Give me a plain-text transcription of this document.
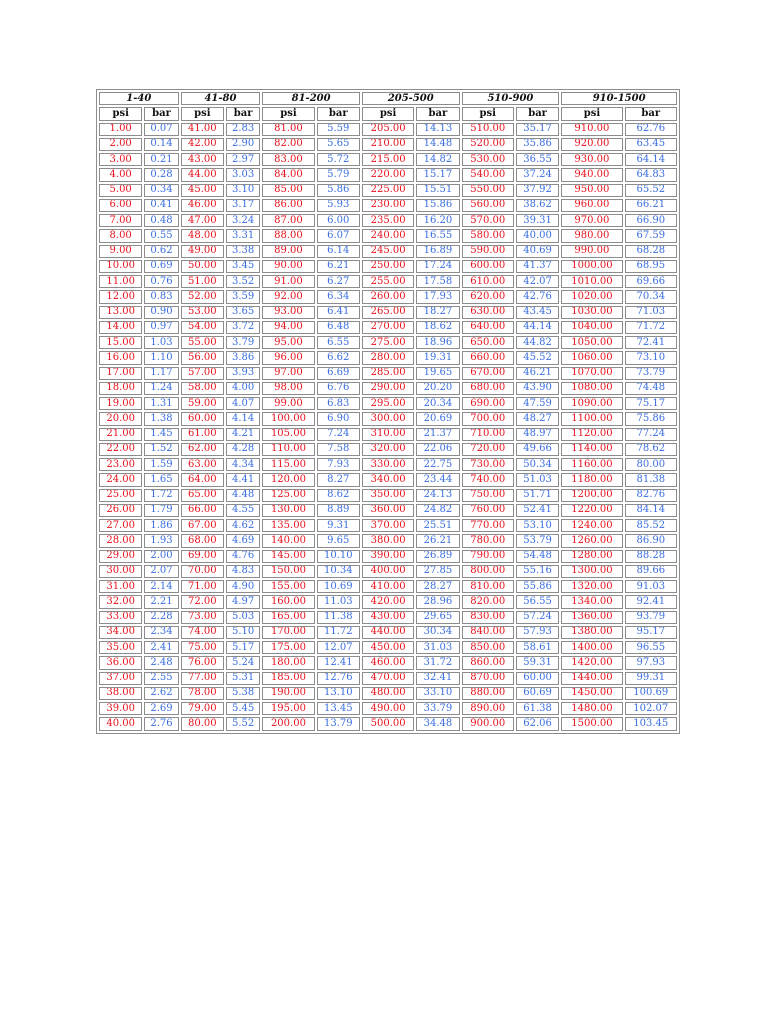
1-40		41-80		81-200		205-500		510-900		910-1500	
psi	bar	psi	bar	psi	bar	psi	bar	psi	bar	psi	bar
1.00	0.07	41.00	2.83	81.00	5.59	205.00	14.13	510.00	35.17	910.00	62.76
2.00	0.14	42.00	2.90	82.00	5.65	210.00	14.48	520.00	35.86	920.00	63.45
3.00	0.21	43.00	2.97	83.00	5.72	215.00	14.82	530.00	36.55	930.00	64.14
4.00	0.28	44.00	3.03	84.00	5.79	220.00	15.17	540.00	37.24	940.00	64.83
5.00	0.34	45.00	3.10	85.00	5.86	225.00	15.51	550.00	37.92	950.00	65.52
6.00	0.41	46.00	3.17	86.00	5.93	230.00	15.86	560.00	38.62	960.00	66.21
7.00	0.48	47.00	3.24	87.00	6.00	235.00	16.20	570.00	39.31	970.00	66.90
8.00	0.55	48.00	3.31	88.00	6.07	240.00	16.55	580.00	40.00	980.00	67.59
9.00	0.62	49.00	3.38	89.00	6.14	245.00	16.89	590.00	40.69	990.00	68.28
10.00	0.69	50.00	3.45	90.00	6.21	250.00	17.24	600.00	41.37	1000.00	68.95
11.00	0.76	51.00	3.52	91.00	6.27	255.00	17.58	610.00	42.07	1010.00	69.66
12.00	0.83	52.00	3.59	92.00	6.34	260.00	17.93	620.00	42.76	1020.00	70.34
13.00	0.90	53.00	3.65	93.00	6.41	265.00	18.27	630.00	43.45	1030.00	71.03
14.00	0.97	54.00	3.72	94.00	6.48	270.00	18.62	640.00	44.14	1040.00	71.72
15.00	1.03	55.00	3.79	95.00	6.55	275.00	18.96	650.00	44.82	1050.00	72.41
16.00	1.10	56.00	3.86	96.00	6.62	280.00	19.31	660.00	45.52	1060.00	73.10
17.00	1.17	57.00	3.93	97.00	6.69	285.00	19.65	670.00	46.21	1070.00	73.79
18.00	1.24	58.00	4.00	98.00	6.76	290.00	20.20	680.00	43.90	1080.00	74.48
19.00	1.31	59.00	4.07	99.00	6.83	295.00	20.34	690.00	47.59	1090.00	75.17
20.00	1.38	60.00	4.14	100.00	6.90	300.00	20.69	700.00	48.27	1100.00	75.86
21.00	1.45	61.00	4.21	105.00	7.24	310.00	21.37	710.00	48.97	1120.00	77.24
22.00	1.52	62.00	4.28	110.00	7.58	320.00	22.06	720.00	49.66	1140.00	78.62
23.00	1.59	63.00	4.34	115.00	7.93	330.00	22.75	730.00	50.34	1160.00	80.00
24.00	1.65	64.00	4.41	120.00	8.27	340.00	23.44	740.00	51.03	1180.00	81.38
25.00	1.72	65.00	4.48	125.00	8.62	350.00	24.13	750.00	51.71	1200.00	82.76
26.00	1.79	66.00	4.55	130.00	8.89	360.00	24.82	760.00	52.41	1220.00	84.14
27.00	1.86	67.00	4.62	135.00	9.31	370.00	25.51	770.00	53.10	1240.00	85.52
28.00	1.93	68.00	4.69	140.00	9.65	380.00	26.21	780.00	53.79	1260.00	86.90
29.00	2.00	69.00	4.76	145.00	10.10	390.00	26.89	790.00	54.48	1280.00	88.28
30.00	2.07	70.00	4.83	150.00	10.34	400.00	27.85	800.00	55.16	1300.00	89.66
31.00	2.14	71.00	4.90	155.00	10.69	410.00	28.27	810.00	55.86	1320.00	91.03
32.00	2.21	72.00	4.97	160.00	11.03	420.00	28.96	820.00	56.55	1340.00	92.41
33.00	2.28	73.00	5.03	165.00	11.38	430.00	29.65	830.00	57.24	1360.00	93.79
34.00	2.34	74.00	5.10	170.00	11.72	440.00	30.34	840.00	57.93	1380.00	95.17
35.00	2.41	75.00	5.17	175.00	12.07	450.00	31.03	850.00	58.61	1400.00	96.55
36.00	2.48	76.00	5.24	180.00	12.41	460.00	31.72	860.00	59.31	1420.00	97.93
37.00	2.55	77.00	5.31	185.00	12.76	470.00	32.41	870.00	60.00	1440.00	99.31
38.00	2.62	78.00	5.38	190.00	13.10	480.00	33.10	880.00	60.69	1450.00	100.69
39.00	2.69	79.00	5.45	195.00	13.45	490.00	33.79	890.00	61.38	1480.00	102.07
40.00	2.76	80.00	5.52	200.00	13.79	500.00	34.48	900.00	62.06	1500.00	103.45
